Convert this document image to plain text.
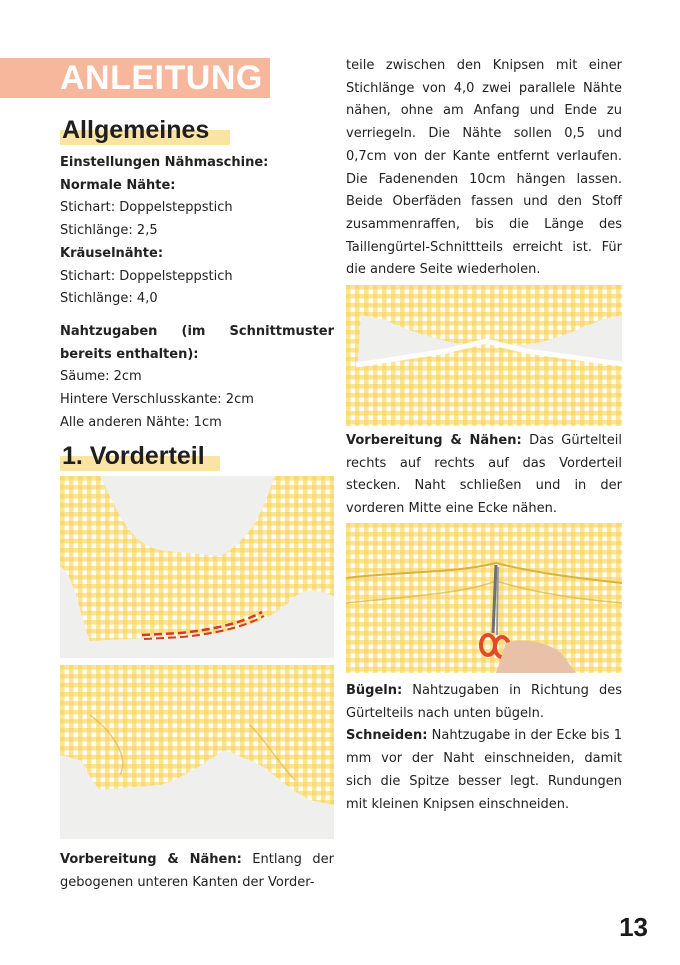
ANLEITUNG
Allgemeines

Einstellungen Nähmaschine:

Normale Nähte:

Stichart: Doppelsteppstich

Stichlänge: 2,5

Kräuselnähte:

Stichart: Doppelsteppstich

Stichlänge: 4,0

Nahtzugaben (im Schnittmuster bereits enthalten):

Säume: 2cm

Hintere Verschlusskante: 2cm

Alle anderen Nähte: 1cm

1. Vorderteil

Vorbereitung & Nähen: Entlang der gebogenen unteren Kanten der Vorder-

teile zwischen den Knipsen mit einer Stichlänge von 4,0 zwei parallele Nähte nähen, ohne am Anfang und Ende zu verriegeln. Die Nähte sollen 0,5 und 0,7cm von der Kante entfernt verlaufen. Die Fadenenden 10cm hängen lassen. Beide Oberfäden fassen und den Stoff zusammenraffen, bis die Länge des Taillengürtel-Schnittteils erreicht ist. Für die andere Seite wiederholen.

Vorbereitung & Nähen: Das Gürtelteil rechts auf rechts auf das Vorderteil stecken. Naht schließen und in der vorderen Mitte eine Ecke nähen.

Bügeln: Nahtzugaben in Richtung des Gürtelteils nach unten bügeln.

Schneiden: Nahtzugabe in der Ecke bis 1 mm vor der Naht einschneiden, damit sich die Spitze besser legt. Rundungen mit kleinen Knipsen einschneiden.

13
